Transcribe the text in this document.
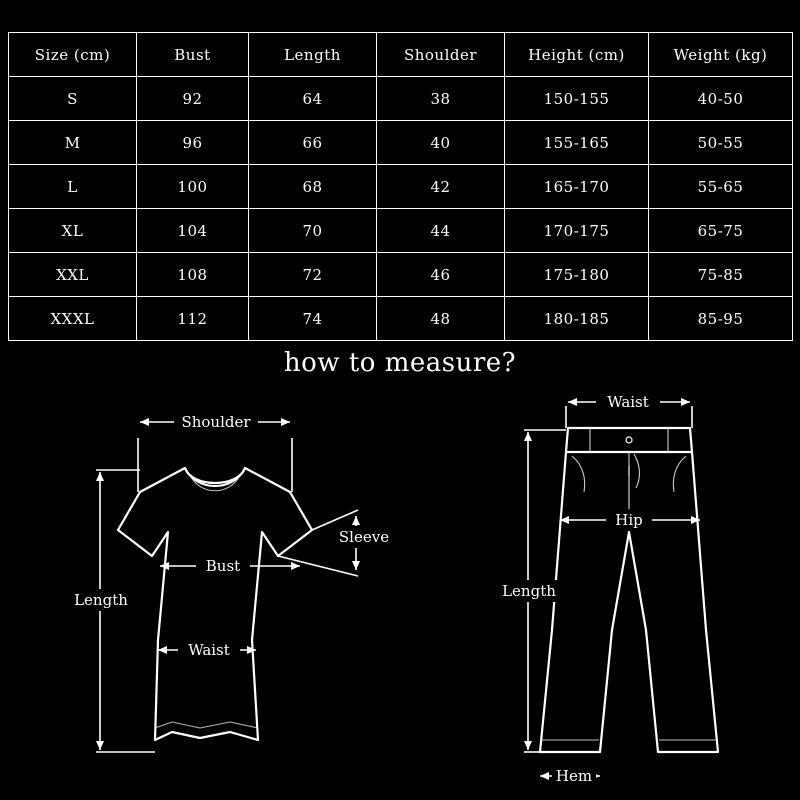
Size (cm)	Bust	Length	Shoulder	Height (cm)	Weight (kg)
S	92	64	38	150-155	40-50
M	96	66	40	155-165	50-55
L	100	68	42	165-170	55-65
XL	104	70	44	170-175	65-75
XXL	108	72	46	175-180	75-85
XXXL	112	74	48	180-185	85-95
how to measure?
Shoulder
Sleeve
Bust
Waist
Length
Waist
Hip
Length
Hem
